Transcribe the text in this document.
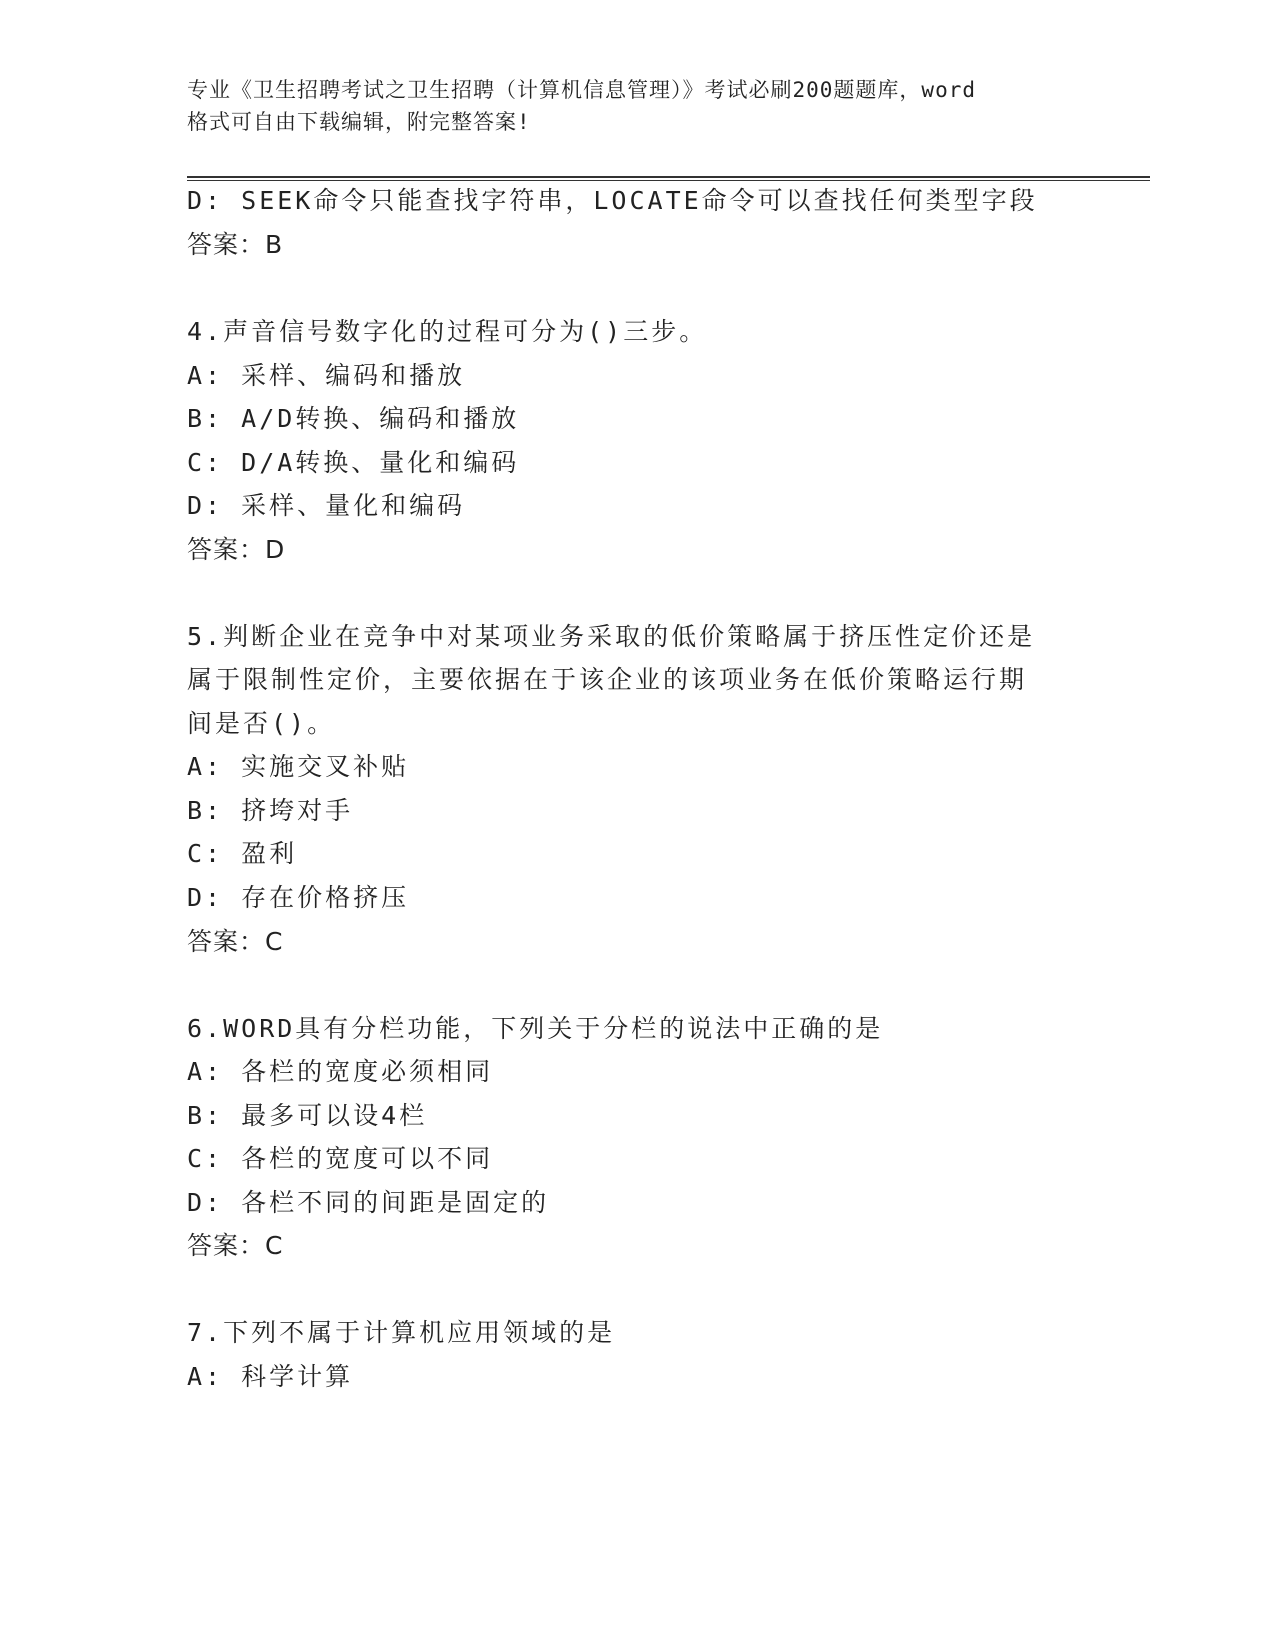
专业《卫生招聘考试之卫生招聘（计算机信息管理）》考试必刷200题题库，word
格式可自由下载编辑，附完整答案!
D: SEEK命令只能查找字符串，LOCATE命令可以查找任何类型字段
答案：B
4.声音信号数字化的过程可分为()三步。
A: 采样、编码和播放
B: A/D转换、编码和播放
C: D/A转换、量化和编码
D: 采样、量化和编码
答案：D
5.判断企业在竞争中对某项业务采取的低价策略属于挤压性定价还是
属于限制性定价，主要依据在于该企业的该项业务在低价策略运行期
间是否()。
A: 实施交叉补贴
B: 挤垮对手
C: 盈利
D: 存在价格挤压
答案：C
6.WORD具有分栏功能，下列关于分栏的说法中正确的是
A: 各栏的宽度必须相同
B: 最多可以设4栏
C: 各栏的宽度可以不同
D: 各栏不同的间距是固定的
答案：C
7.下列不属于计算机应用领域的是
A: 科学计算
